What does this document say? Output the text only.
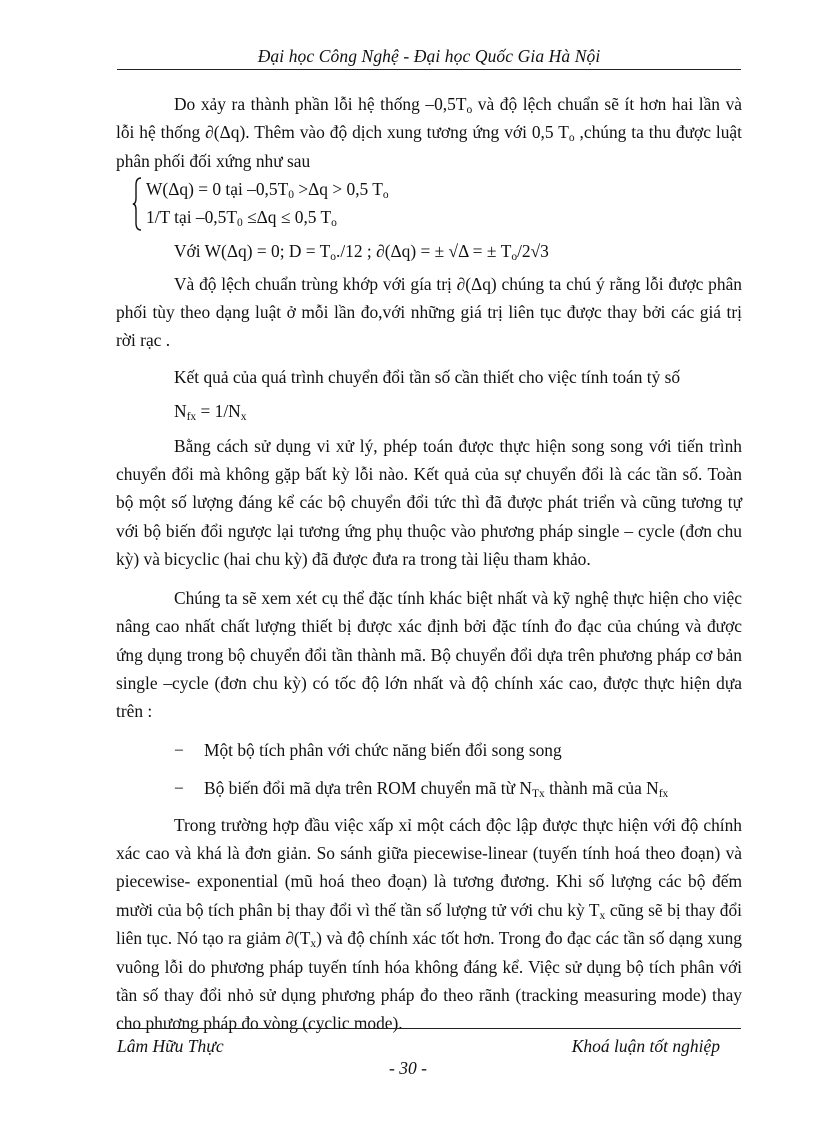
Đại học Công Nghệ - Đại học Quốc Gia Hà Nội

Do xảy ra thành phần lỗi hệ thống $-0,5T_o$ và độ lệch chuẩn sẽ ít hơn hai lần và lỗi hệ thống ∂(Δq). Thêm vào độ dịch xung tương ứng với 0,5 $T_o$ ,chúng ta thu được luật phân phối đối xứng như sau

W(Δq) = 0 tại $-0,5T_0 >\Delta q > 0,5$ $T_o$
1/T tại $-0,5T_0 \le\Delta q \le 0,5$ $T_o$
Với W(Δq) = 0; $D = T_o./12$ ; ∂(Δq) = ± √Δ = ± $T_o/2√3$

Và độ lệch chuẩn trùng khớp với gía trị ∂(Δq) chúng ta chú ý rằng lỗi được phân phối tùy theo dạng luật ở mỗi lần đo,với những giá trị liên tục được thay bởi các giá trị rời rạc .

Kết quả của quá trình chuyển đổi tần số cần thiết cho việc tính toán tỷ số
$N_{fx} = 1/N_x$

Bằng cách sử dụng vi xử lý, phép toán được thực hiện song song với tiến trình chuyển đổi mà không gặp bất kỳ lỗi nào. Kết quả của sự chuyển đổi là các tần số. Toàn bộ một số lượng đáng kể các bộ chuyển đổi tức thì đã được phát triển và cũng tương tự với bộ biến đổi ngược lại tương ứng phụ thuộc vào phương pháp single – cycle (đơn chu kỳ) và bicyclic (hai chu kỳ) đã được đưa ra trong tài liệu tham khảo.

Chúng ta sẽ xem xét cụ thể đặc tính khác biệt nhất và kỹ nghệ thực hiện cho việc nâng cao nhất chất lượng thiết bị được xác định bởi đặc tính đo đạc của chúng và được ứng dụng trong bộ chuyển đổi tần thành mã. Bộ chuyển đổi dựa trên phương pháp cơ bản single –cycle (đơn chu kỳ) có tốc độ lớn nhất và độ chính xác cao, được thực hiện dựa trên :

− Một bộ tích phân với chức năng biến đổi song song
− Bộ biến đổi mã dựa trên ROM chuyển mã từ $N_{Tx}$ thành mã của $N_{fx}$

Trong trường hợp đầu việc xấp xỉ một cách độc lập được thực hiện với độ chính xác cao và khá là đơn giản. So sánh giữa piecewise-linear (tuyến tính hoá theo đoạn) và piecewise- exponential (mũ hoá theo đoạn) là tương đương. Khi số lượng các bộ đếm mười của bộ tích phân bị thay đổi vì thế tần số lượng tử với chu kỳ $T_x$ cũng sẽ bị thay đổi liên tục. Nó tạo ra giảm $\partial(T_x)$ và độ chính xác tốt hơn. Trong đo đạc các tần số dạng xung vuông lỗi do phương pháp tuyến tính hóa không đáng kể. Việc sử dụng bộ tích phân với tần số thay đổi nhỏ sử dụng phương pháp đo theo rãnh (tracking measuring mode) thay cho phương pháp đo vòng (cyclic mode).

Lâm Hữu Thực	Khoá luận tốt nghiệp
- 30 -
